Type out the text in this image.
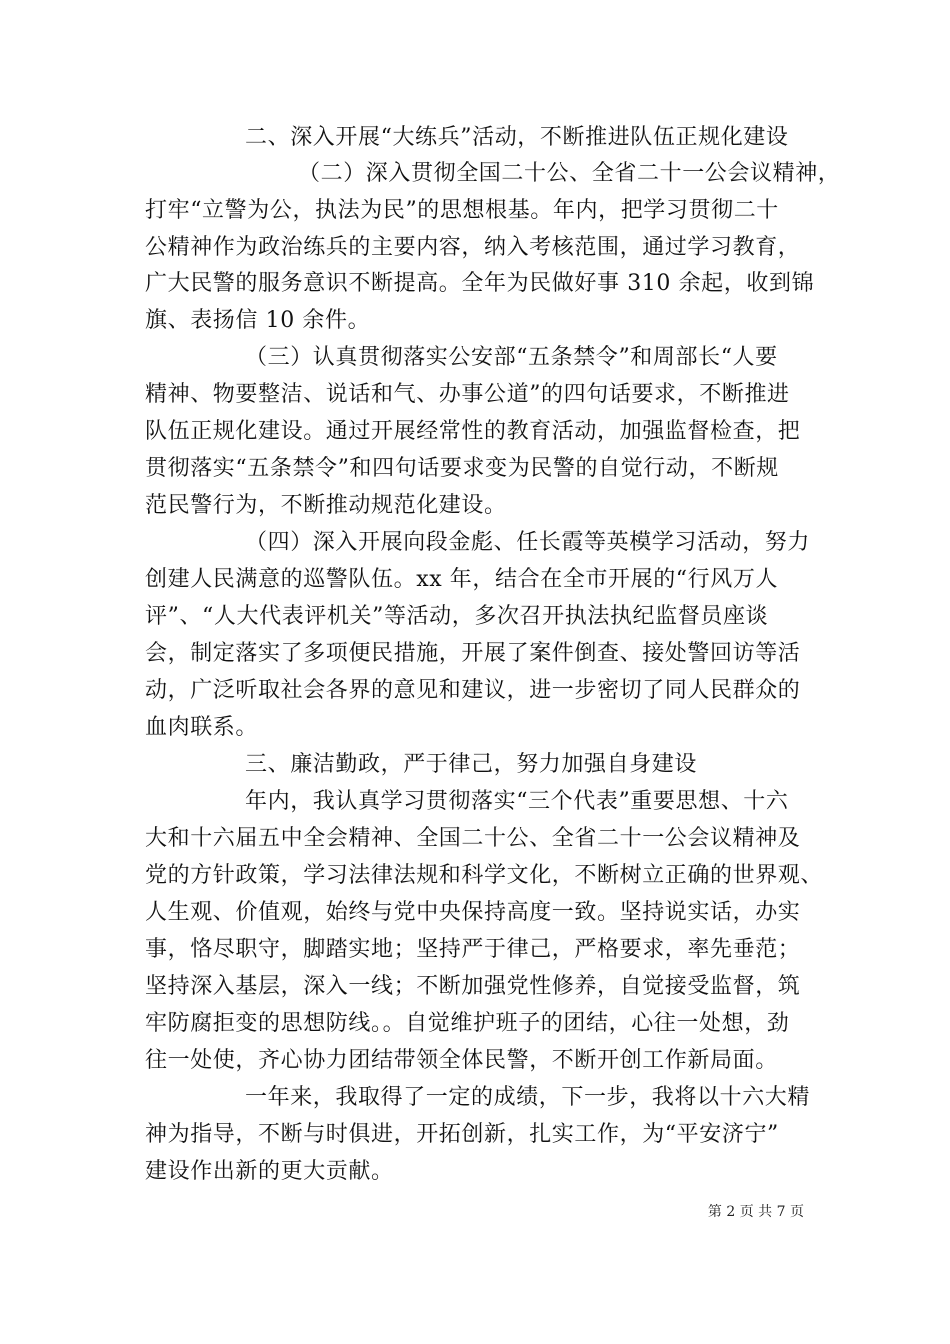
二、深入开展“大练兵”活动，不断推进队伍正规化建设
（二）深入贯彻全国二十公、全省二十一公会议精神，
打牢“立警为公，执法为民”的思想根基。年内，把学习贯彻二十
公精神作为政治练兵的主要内容，纳入考核范围，通过学习教育，
广大民警的服务意识不断提高。全年为民做好事 310 余起，收到锦
旗、表扬信 10 余件。
（三）认真贯彻落实公安部“五条禁令”和周部长“人要
精神、物要整洁、说话和气、办事公道”的四句话要求，不断推进
队伍正规化建设。通过开展经常性的教育活动，加强监督检查，把
贯彻落实“五条禁令”和四句话要求变为民警的自觉行动，不断规
范民警行为，不断推动规范化建设。
（四）深入开展向段金彪、任长霞等英模学习活动，努力
创建人民满意的巡警队伍。xx 年，结合在全市开展的“行风万人
评”、“人大代表评机关”等活动，多次召开执法执纪监督员座谈
会，制定落实了多项便民措施，开展了案件倒查、接处警回访等活
动，广泛听取社会各界的意见和建议，进一步密切了同人民群众的
血肉联系。
三、廉洁勤政，严于律己，努力加强自身建设
年内，我认真学习贯彻落实“三个代表”重要思想、十六
大和十六届五中全会精神、全国二十公、全省二十一公会议精神及
党的方针政策，学习法律法规和科学文化，不断树立正确的世界观、
人生观、价值观，始终与党中央保持高度一致。坚持说实话，办实
事，恪尽职守，脚踏实地；坚持严于律己，严格要求，率先垂范；
坚持深入基层，深入一线；不断加强党性修养，自觉接受监督，筑
牢防腐拒变的思想防线。。自觉维护班子的团结，心往一处想，劲
往一处使，齐心协力团结带领全体民警，不断开创工作新局面。
一年来，我取得了一定的成绩，下一步，我将以十六大精
神为指导，不断与时俱进，开拓创新，扎实工作，为“平安济宁”
建设作出新的更大贡献。
第 2 页 共 7 页
